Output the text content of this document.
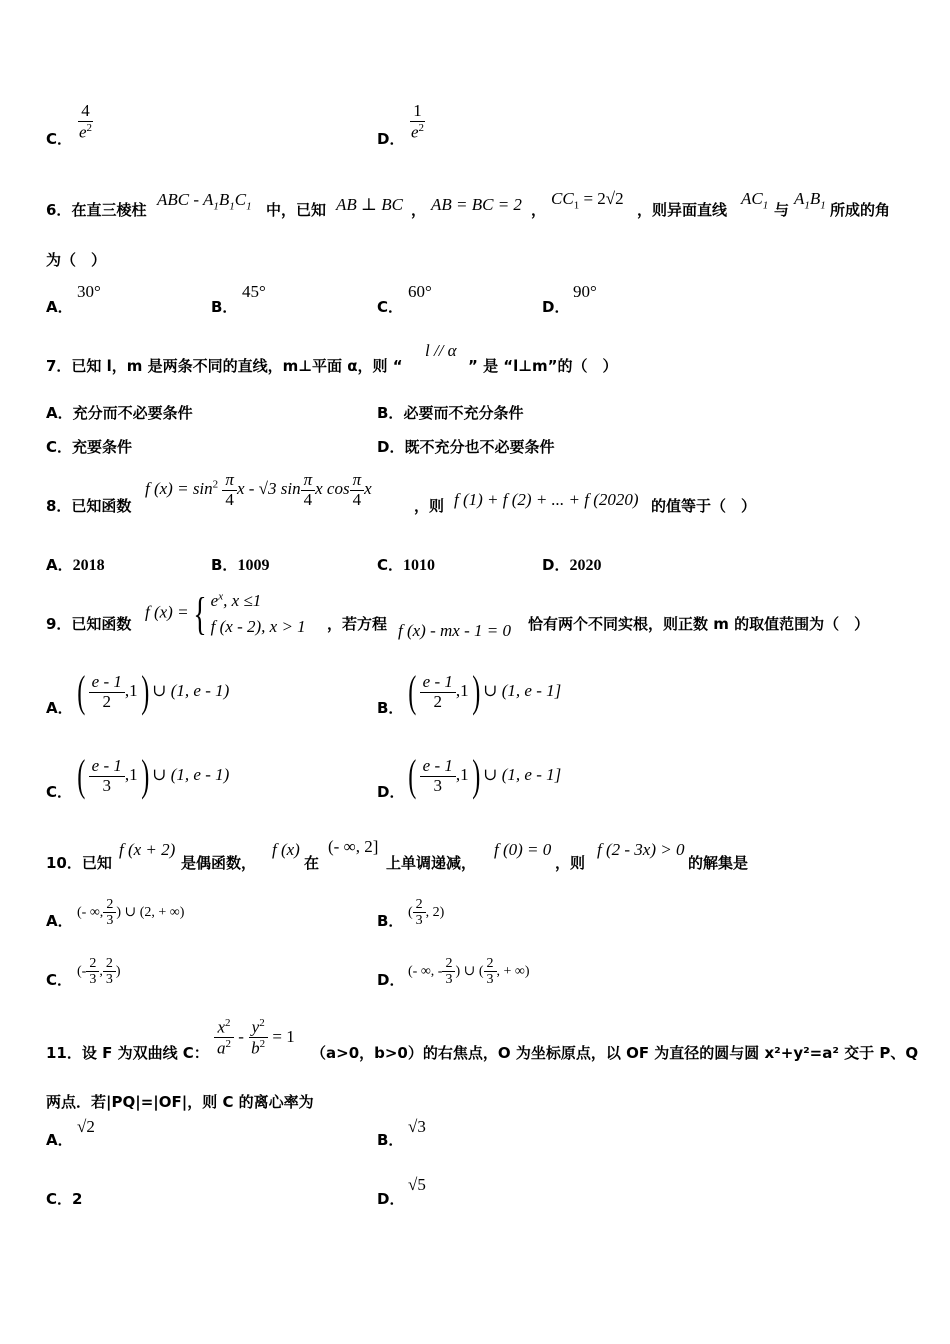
C． $\frac{4}{e^2}$	D． $\frac{1}{e^2}$
6．在直三棱柱
ABC - $A_1B_1C_1$ 中，已知 AB ⊥ BC ， AB = BC = 2 ，
$CC_1 = 2√2$
，则异面直线
$AC_1$ 与
$A_1B_1$ 所成的角
为（　）
A．
30°
B．
45°
C．
60°
D．
90°
7．已知 l，m 是两条不同的直线，m⊥平面 α，则 “
l // α
” 是 “l⊥m”的（　）
A．充分而不必要条件	B．必要而不充分条件
C．充要条件	D．既不充分也不必要条件
8．已知函数
f $(x) = \sin^2 \frac{\pi}{4}$ x - √3 $\sin \frac{\pi}{4}$ x $\cos \frac{\pi}{4}$ x
，则 f (1) + f (2) + ... + f (2020) 的值等于（　）
A．2018	B．1009	C．1010	D．2020
9．已知函数
f (x) ={ $e^x$, x ≤1
f (x - 2), x > 1 ，若方程 f (x) - mx - 1 = 0 恰有两个不同实根，则正数 m 的取值范围为（　）
A． ( $\frac{e - 1}{2} ,1$) ∪ (1, e - 1)
B． ( $\frac{e - 1}{2} ,1$) ∪ (1, e - 1]
C． ( $\frac{e - 1}{3} ,1$) ∪ (1, e - 1)
D． ( $\frac{e - 1}{3} ,1$) ∪ (1, e - 1]
10．已知
f (x + 2)
是偶函数，
f (x)
在
(- ∞, 2]
上单调递减，
f (0) = 0
，则
f (2 - 3x) > 0
的解集是
A． (- ∞, $\frac{2}{3}$ ) ∪ (2, + ∞)	B． ( $\frac{2}{3}$ , 2)
C． (- $\frac{2}{3}$ , $\frac{2}{3}$ )	D． (- ∞, - $\frac{2}{3}$ ) ∪ ( $\frac{2}{3}$ , + ∞)
11．设 F 为双曲线 C： $\frac{x^2}{a^2} - \frac{y^2}{b^2} = 1$
（a>0，b>0）的右焦点，O 为坐标原点，以 OF 为直径的圆与圆 x²+y²=a² 交于 P、Q
两点．若|PQ|=|OF|，则 C 的离心率为
A．
√2
B．
√3
C．2	D．
√5
